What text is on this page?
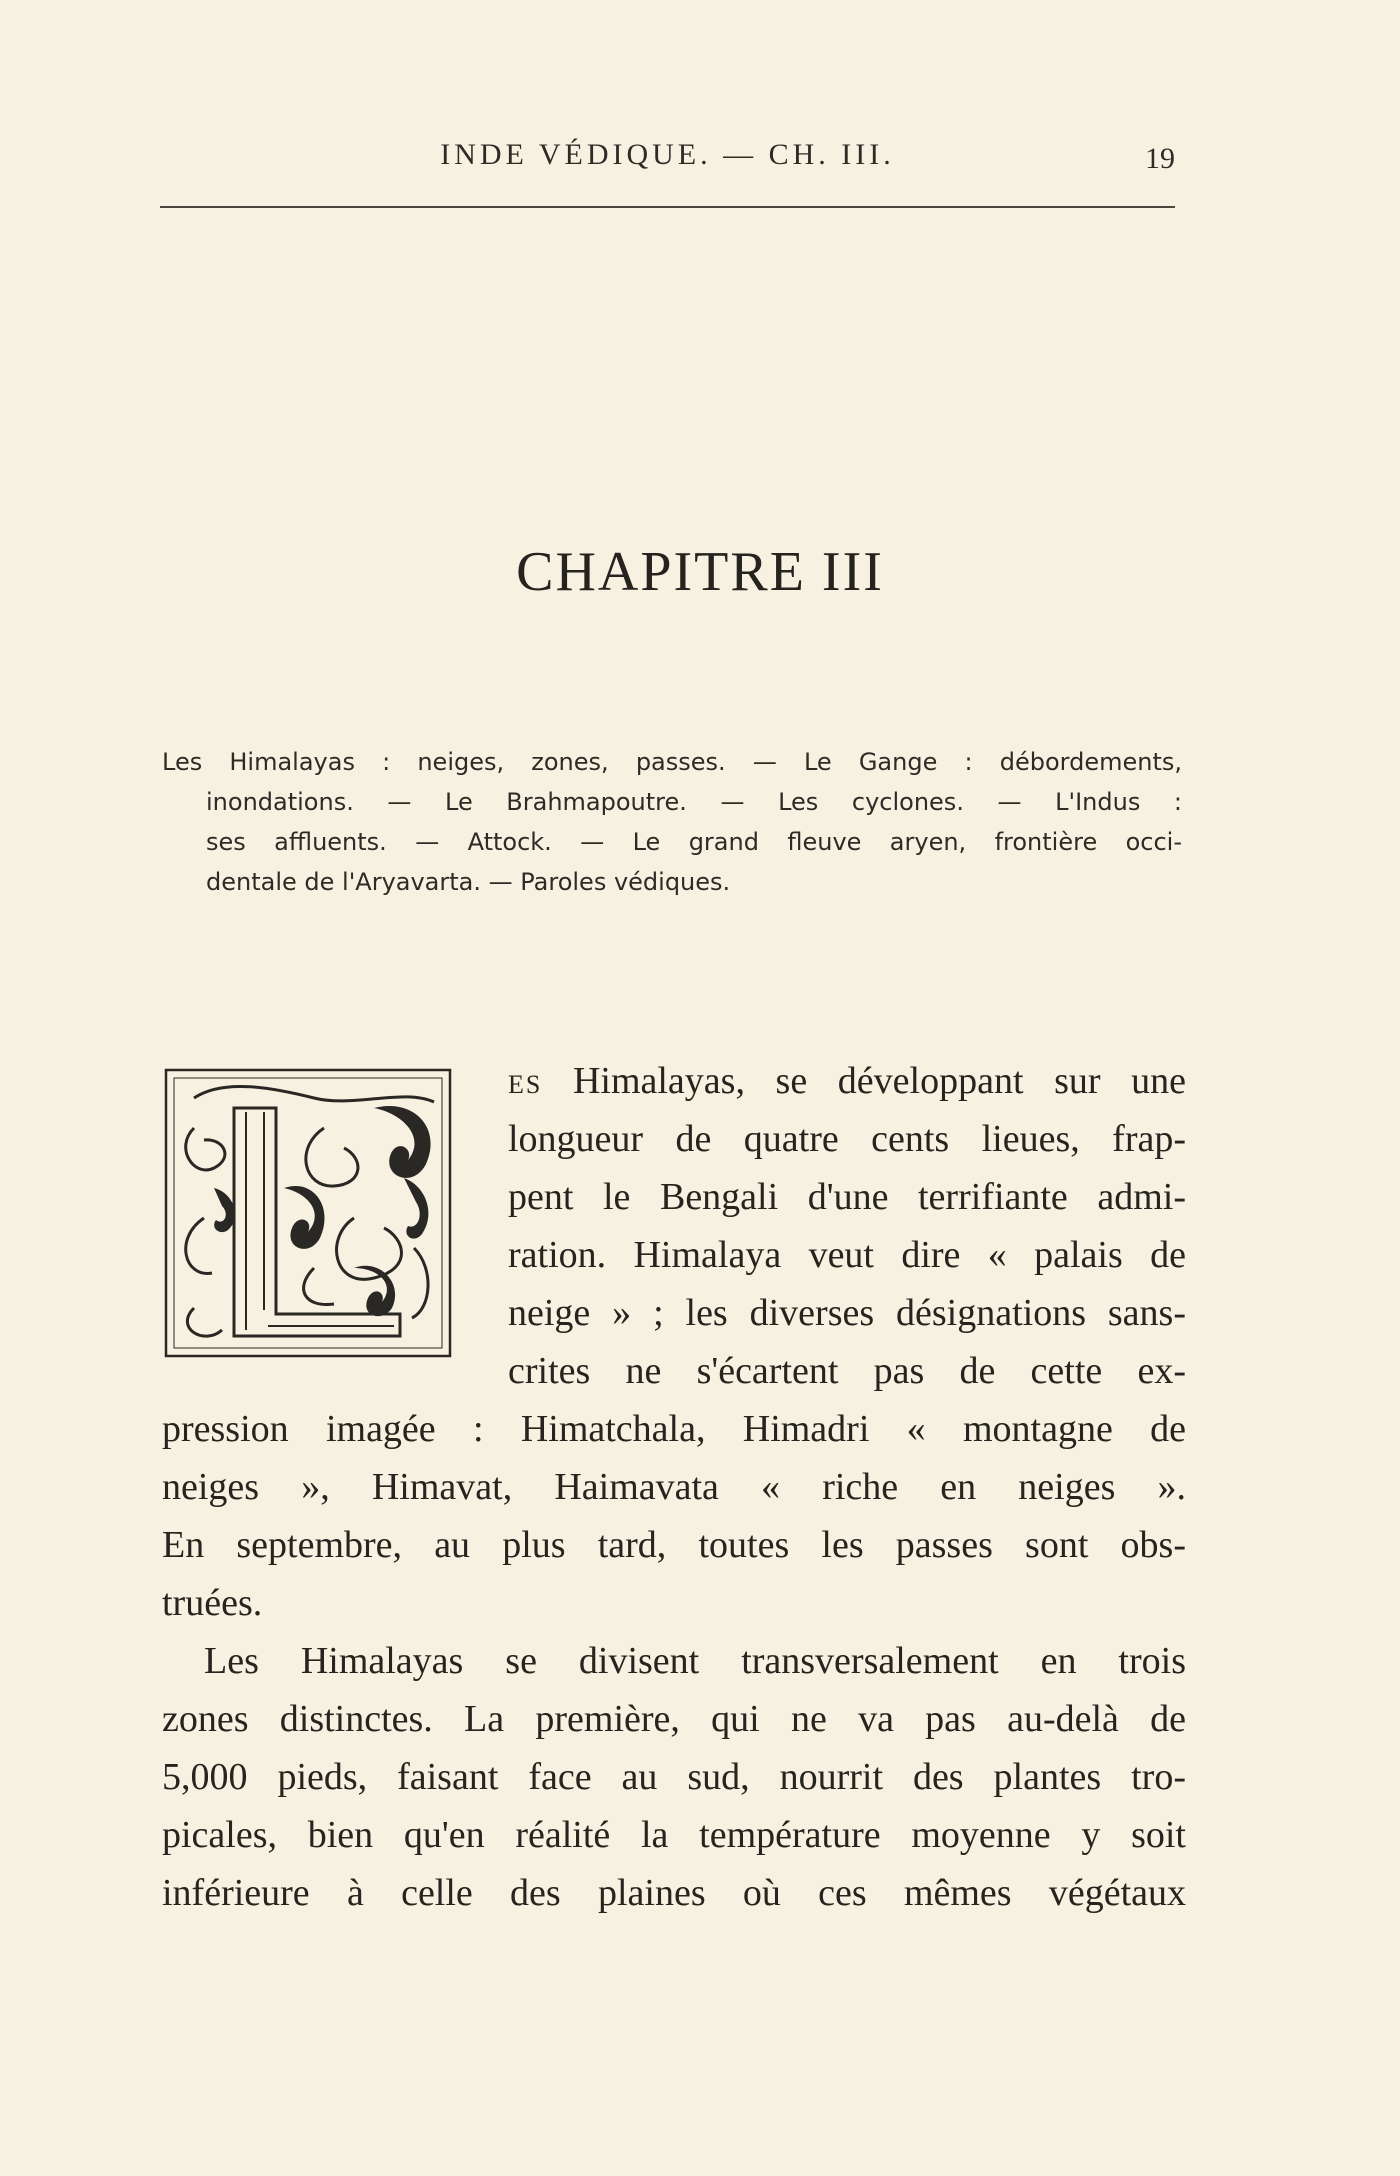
INDE VÉDIQUE. — CH. III.	19
CHAPITRE III
Les Himalayas : neiges, zones, passes. — Le Gange : débordements,
inondations. — Le Brahmapoutre. — Les cyclones. — L'Indus :
ses affluents. — Attock. — Le grand fleuve aryen, frontière occi-
dentale de l'Aryavarta. — Paroles védiques.
ES Himalayas, se développant sur une
longueur de quatre cents lieues, frap-
pent le Bengali d'une terrifiante admi-
ration. Himalaya veut dire « palais de
neige » ; les diverses désignations sans-
crites ne s'écartent pas de cette ex-
pression imagée : Himatchala, Himadri « montagne de
neiges », Himavat, Haimavata « riche en neiges ».
En septembre, au plus tard, toutes les passes sont obs-
truées.
Les Himalayas se divisent transversalement en trois
zones distinctes. La première, qui ne va pas au-delà de
5,000 pieds, faisant face au sud, nourrit des plantes tro-
picales, bien qu'en réalité la température moyenne y soit
inférieure à celle des plaines où ces mêmes végétaux
